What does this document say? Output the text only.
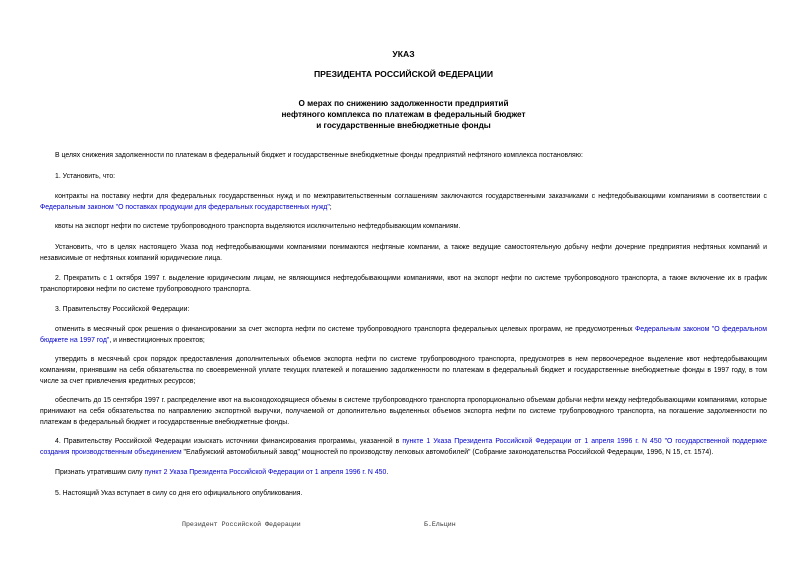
УКАЗ
ПРЕЗИДЕНТА РОССИЙСКОЙ ФЕДЕРАЦИИ
О мерах по снижению задолженности предприятий
нефтяного комплекса по платежам в федеральный бюджет
и государственные внебюджетные фонды
В целях снижения задолженности по платежам в федеральный бюджет и государственные внебюджетные фонды предприятий нефтяного комплекса постановляю:
1. Установить, что:
контракты на поставку нефти для федеральных государственных нужд и по межправительственным соглашениям заключаются государственными заказчиками с нефтедобывающими компаниями в соответствии с Федеральным законом "О поставках продукции для федеральных государственных нужд";
квоты на экспорт нефти по системе трубопроводного транспорта выделяются исключительно нефтедобывающим компаниям.
Установить, что в целях настоящего Указа под нефтедобывающими компаниями понимаются нефтяные компании, а также ведущие самостоятельную добычу нефти дочерние предприятия нефтяных компаний и независимые от нефтяных компаний юридические лица.
2. Прекратить с 1 октября 1997 г. выделение юридическим лицам, не являющимся нефтедобывающими компаниями, квот на экспорт нефти по системе трубопроводного транспорта, а также включение их в график транспортировки нефти по системе трубопроводного транспорта.
3. Правительству Российской Федерации:
отменить в месячный срок решения о финансировании за счет экспорта нефти по системе трубопроводного транспорта федеральных целевых программ, не предусмотренных Федеральным законом "О федеральном бюджете на 1997 год", и инвестиционных проектов;
утвердить в месячный срок порядок предоставления дополнительных объемов экспорта нефти по системе трубопроводного транспорта, предусмотрев в нем первоочередное выделение квот нефтедобывающим компаниям, принявшим на себя обязательства по своевременной уплате текущих платежей и погашению задолженности по платежам в федеральный бюджет и государственные внебюджетные фонды в 1997 году, в том числе за счет привлечения кредитных ресурсов;
обеспечить до 15 сентября 1997 г. распределение квот на высокодоходящиеся объемы в системе трубопроводного транспорта пропорционально объемам добычи нефти между нефтедобывающими компаниями, которые принимают на себя обязательства по направлению экспортной выручки, получаемой от дополнительно выделенных объемов экспорта нефти по системе трубопроводного транспорта, на погашение задолженности по платежам в федеральный бюджет и государственные внебюджетные фонды.
4. Правительству Российской Федерации изыскать источники финансирования программы, указанной в пункте 1 Указа Президента Российской Федерации от 1 апреля 1996 г. N 450 "О государственной поддержке создания производственным объединением "Елабужский автомобильный завод" мощностей по производству легковых автомобилей" (Собрание законодательства Российской Федерации, 1996, N 15, ст. 1574).
Признать утратившим силу пункт 2 Указа Президента Российской Федерации от 1 апреля 1996 г. N 450.
5. Настоящий Указ вступает в силу со дня его официального опубликования.
Президент Российской Федерации	Б.Ельцин
